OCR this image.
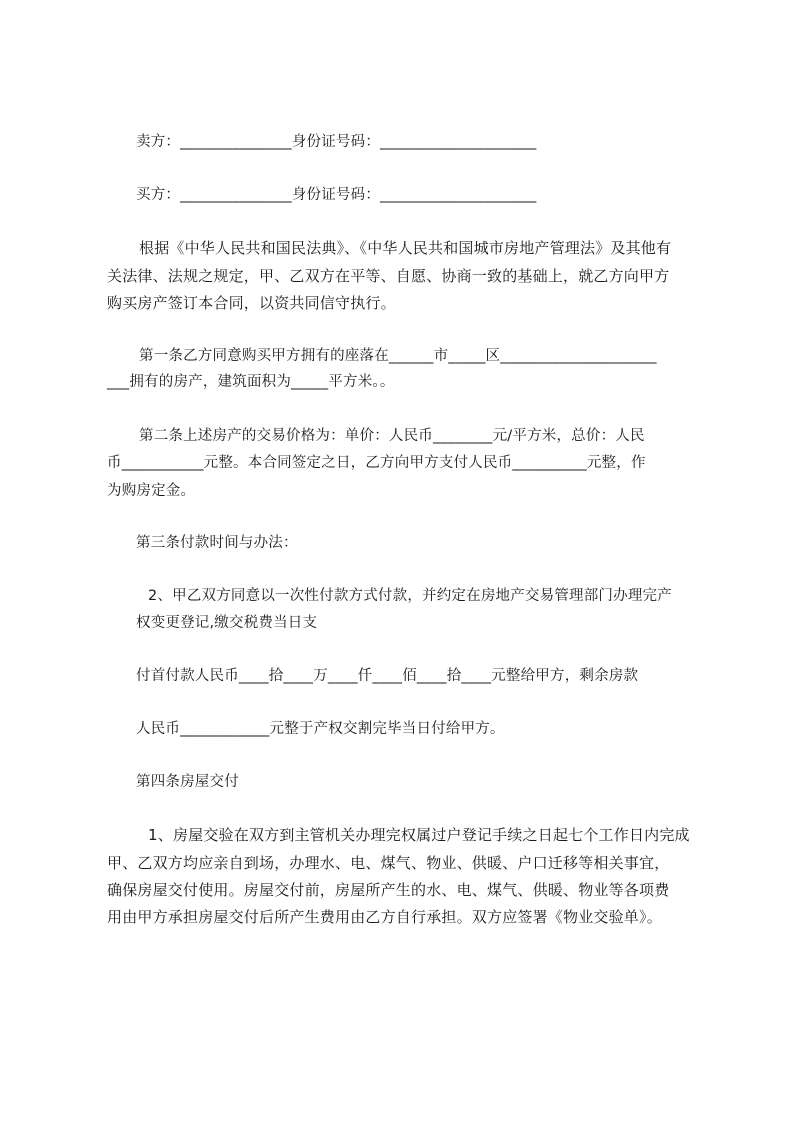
卖方：_______________身份证号码：_____________________
买方：_______________身份证号码：_____________________
根据《中华人民共和国民法典》、《中华人民共和国城市房地产管理法》及其他有
关法律、法规之规定，甲、乙双方在平等、自愿、协商一致的基础上，就乙方向甲方
购买房产签订本合同，以资共同信守执行。
第一条乙方同意购买甲方拥有的座落在______市_____区_____________________
___拥有的房产，建筑面积为_____平方米。。
第二条上述房产的交易价格为：单价：人民币________元/平方米，总价：人民
币___________元整。本合同签定之日，乙方向甲方支付人民币__________元整，作
为购房定金。
第三条付款时间与办法：
2、甲乙双方同意以一次性付款方式付款，并约定在房地产交易管理部门办理完产
权变更登记,缴交税费当日支
付首付款人民币____拾____万____仟____佰____拾____元整给甲方，剩余房款
人民币____________元整于产权交割完毕当日付给甲方。
第四条房屋交付
1、房屋交验在双方到主管机关办理完权属过户登记手续之日起七个工作日内完成
甲、乙双方均应亲自到场，办理水、电、煤气、物业、供暖、户口迁移等相关事宜，
确保房屋交付使用。房屋交付前，房屋所产生的水、电、煤气、供暖、物业等各项费
用由甲方承担房屋交付后所产生费用由乙方自行承担。双方应签署《物业交验单》。
